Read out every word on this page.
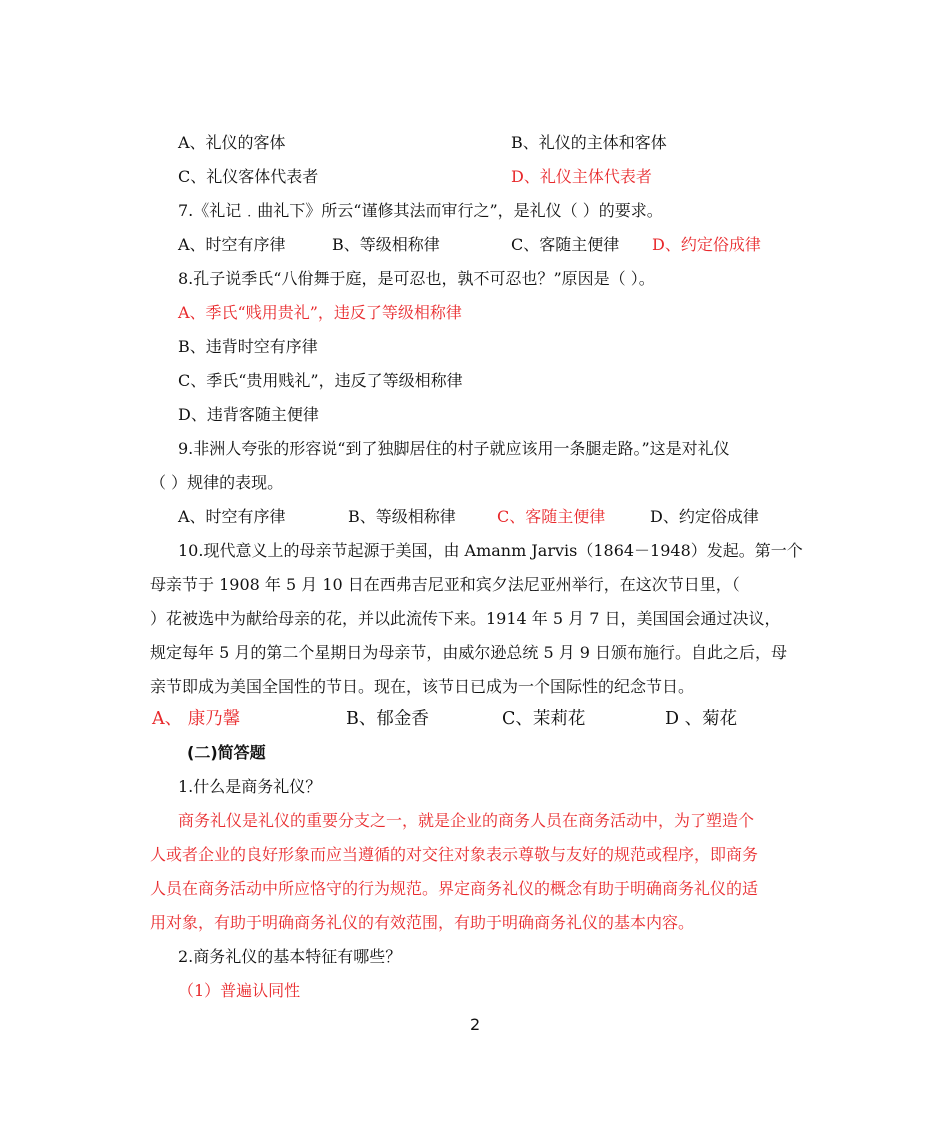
A、礼仪的客体	B、礼仪的主体和客体
C、礼仪客体代表者	D、礼仪主体代表者
7.《礼记﹒曲礼下》所云“谨修其法而审行之”，是礼仪（ ）的要求。
A、时空有序律	B、等级相称律	C、客随主便律 D、约定俗成律
8.孔子说季氏“八佾舞于庭，是可忍也，孰不可忍也？”原因是（ ）。
A、季氏“贱用贵礼”，违反了等级相称律
B、违背时空有序律
C、季氏“贵用贱礼”，违反了等级相称律
D、违背客随主便律
9.非洲人夸张的形容说“到了独脚居住的村子就应该用一条腿走路。”这是对礼仪
（ ）规律的表现。
A、时空有序律	B、等级相称律	C、客随主便律	D、约定俗成律
10.现代意义上的母亲节起源于美国，由 Amanm Jarvis（1864－1948）发起。第一个
母亲节于 1908 年 5 月 10 日在西弗吉尼亚和宾夕法尼亚州举行，在这次节日里，（
）花被选中为献给母亲的花，并以此流传下来。1914 年 5 月 7 日，美国国会通过决议，
规定每年 5 月的第二个星期日为母亲节，由威尔逊总统 5 月 9 日颁布施行。自此之后，母
亲节即成为美国全国性的节日。现在，该节日已成为一个国际性的纪念节日。
A、 康乃馨	B、郁金香	C、茉莉花	D 、菊花
(二)简答题
1.什么是商务礼仪？
商务礼仪是礼仪的重要分支之一，就是企业的商务人员在商务活动中，为了塑造个
人或者企业的良好形象而应当遵循的对交往对象表示尊敬与友好的规范或程序，即商务
人员在商务活动中所应恪守的行为规范。界定商务礼仪的概念有助于明确商务礼仪的适
用对象，有助于明确商务礼仪的有效范围，有助于明确商务礼仪的基本内容。
2.商务礼仪的基本特征有哪些？
（1）普遍认同性
2
